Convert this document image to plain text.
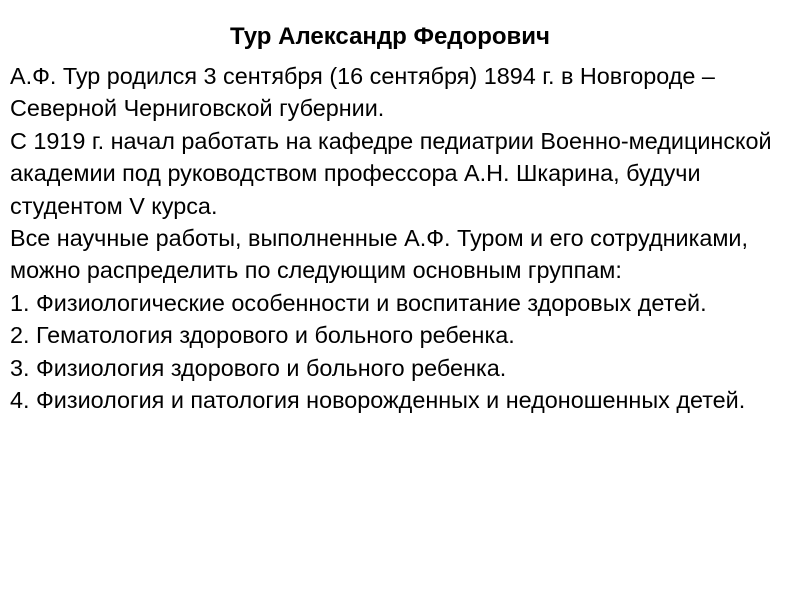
Тур Александр Федорович

А.Ф. Тур родился 3 сентября (16 сентября) 1894 г. в Новгороде – Северной Черниговской губернии.

С 1919 г. начал работать на кафедре педиатрии Военно-медицинской академии под руководством профессора А.Н. Шкарина, будучи студентом V курса.

Все научные работы, выполненные А.Ф. Туром и его сотрудниками, можно распределить по следующим основным группам:

1. Физиологические особенности и воспитание здоровых детей.

2. Гематология здорового и больного ребенка.

3. Физиология здорового и больного ребенка.

4. Физиология и патология новорожденных и недоношенных детей.
